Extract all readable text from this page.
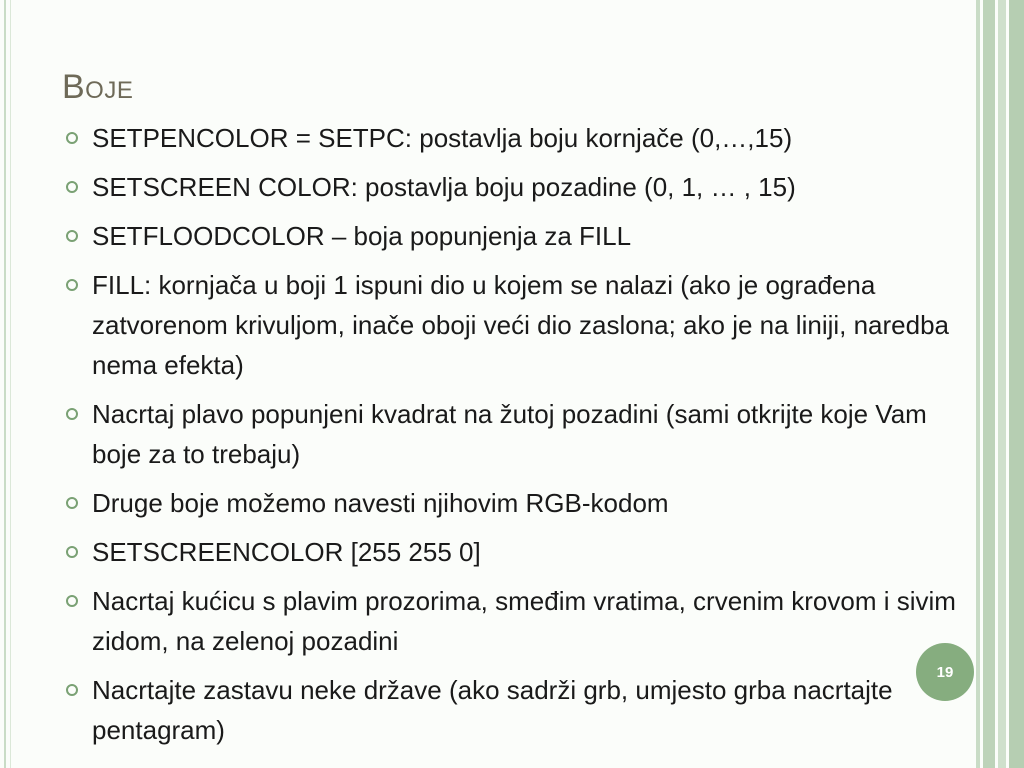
Boje
SETPENCOLOR = SETPC: postavlja boju kornjače (0,…,15)
SETSCREEN COLOR: postavlja boju pozadine (0, 1, … , 15)
SETFLOODCOLOR – boja popunjenja za FILL
FILL: kornjača u boji 1 ispuni dio u kojem se nalazi (ako je ograđena zatvorenom krivuljom, inače oboji veći dio zaslona; ako je na liniji, naredba nema efekta)
Nacrtaj plavo popunjeni kvadrat na žutoj pozadini (sami otkrijte koje Vam boje za to trebaju)
Druge boje možemo navesti njihovim RGB-kodom
SETSCREENCOLOR [255 255 0]
Nacrtaj kućicu s plavim prozorima, smeđim vratima, crvenim krovom i sivim zidom, na zelenoj pozadini
Nacrtajte zastavu neke države (ako sadrži grb, umjesto grba nacrtajte pentagram)
19
